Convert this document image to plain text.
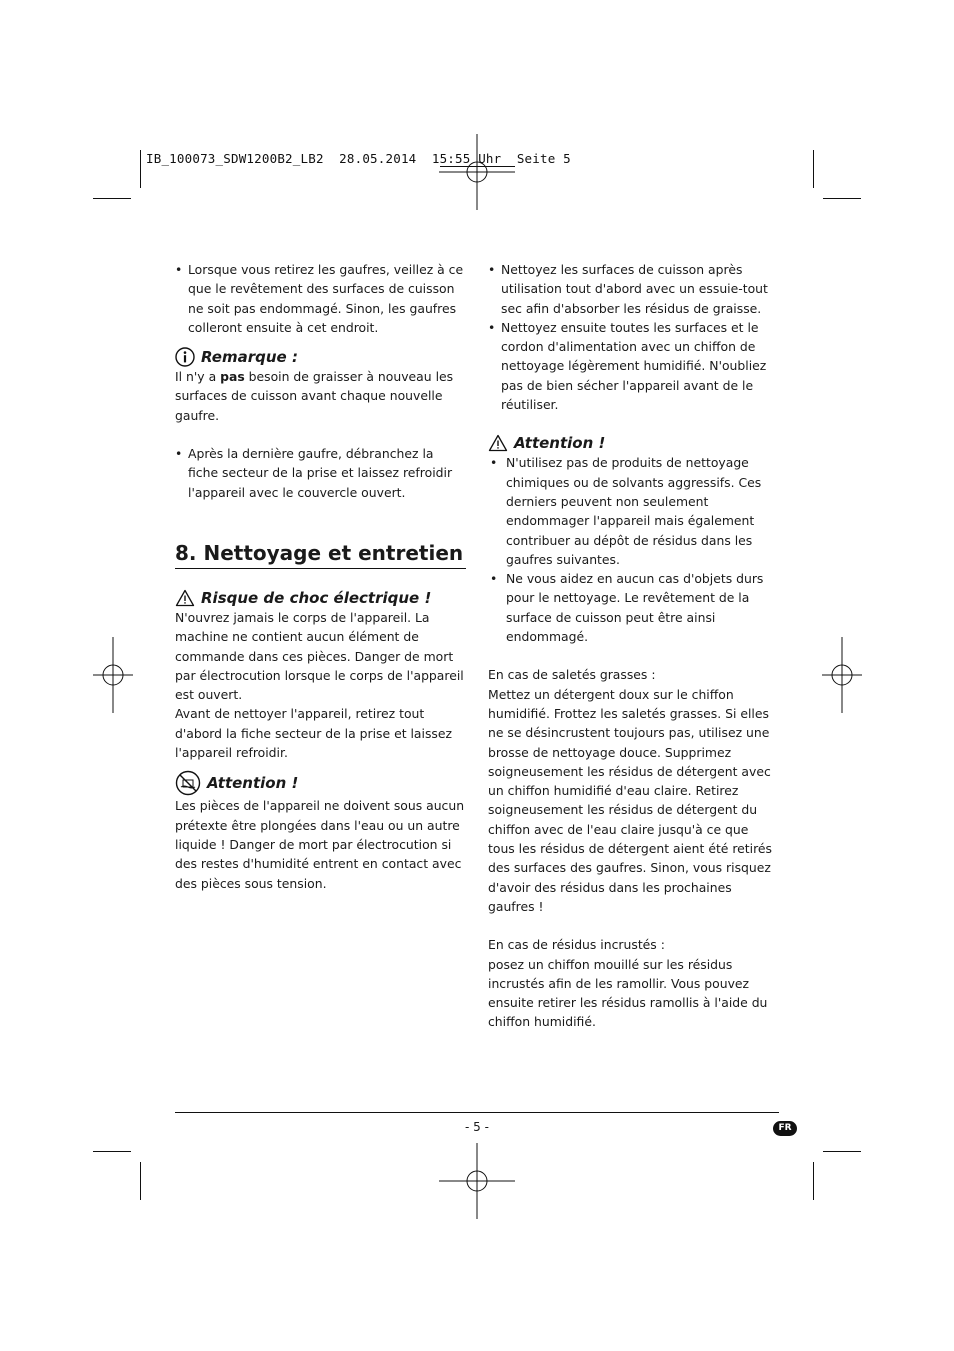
IB_100073_SDW1200B2_LB2  28.05.2014  15:55 Uhr  Seite 5

• Lorsque vous retirez les gaufres, veillez à ce que le revêtement des surfaces de cuisson ne soit pas endommagé. Sinon, les gaufres colleront ensuite à cet endroit.

Remarque :

Il n'y a pas besoin de graisser à nouveau les surfaces de cuisson avant chaque nouvelle gaufre.

• Après la dernière gaufre, débranchez la fiche secteur de la prise et laissez refroidir l'appareil avec le couvercle ouvert.

8. Nettoyage et entretien
Risque de choc électrique !

N'ouvrez jamais le corps de l'appareil. La machine ne contient aucun élément de commande dans ces pièces. Danger de mort par électrocution lorsque le corps de l'appareil est ouvert.

Avant de nettoyer l'appareil, retirez tout d'abord la fiche secteur de la prise et laissez l'appareil refroidir.

Attention !

Les pièces de l'appareil ne doivent sous aucun prétexte être plongées dans l'eau ou un autre liquide ! Danger de mort par électrocution si des restes d'humidité entrent en contact avec des pièces sous tension.

• Nettoyez les surfaces de cuisson après utilisation tout d'abord avec un essuie-tout sec afin d'absorber les résidus de graisse.

• Nettoyez ensuite toutes les surfaces et le cordon d'alimentation avec un chiffon de nettoyage légèrement humidifié. N'oubliez pas de bien sécher l'appareil avant de le réutiliser.

Attention !

• N'utilisez pas de produits de nettoyage chimiques ou de solvants aggressifs. Ces derniers peuvent non seulement endommager l'appareil mais également contribuer au dépôt de résidus dans les gaufres suivantes.

• Ne vous aidez en aucun cas d'objets durs pour le nettoyage. Le revêtement de la surface de cuisson peut être ainsi endommagé.

En cas de saletés grasses :

Mettez un détergent doux sur le chiffon humidifié. Frottez les saletés grasses. Si elles ne se désincrustent toujours pas, utilisez une brosse de nettoyage douce. Supprimez soigneusement les résidus de détergent avec un chiffon humidifié d'eau claire. Retirez soigneusement les résidus de détergent du chiffon avec de l'eau claire jusqu'à ce que tous les résidus de détergent aient été retirés des surfaces des gaufres. Sinon, vous risquez d'avoir des résidus dans les prochaines gaufres !

En cas de résidus incrustés :

posez un chiffon mouillé sur les résidus incrustés afin de les ramollir. Vous pouvez ensuite retirer les résidus ramollis à l'aide du chiffon humidifié.

- 5 -	FR
